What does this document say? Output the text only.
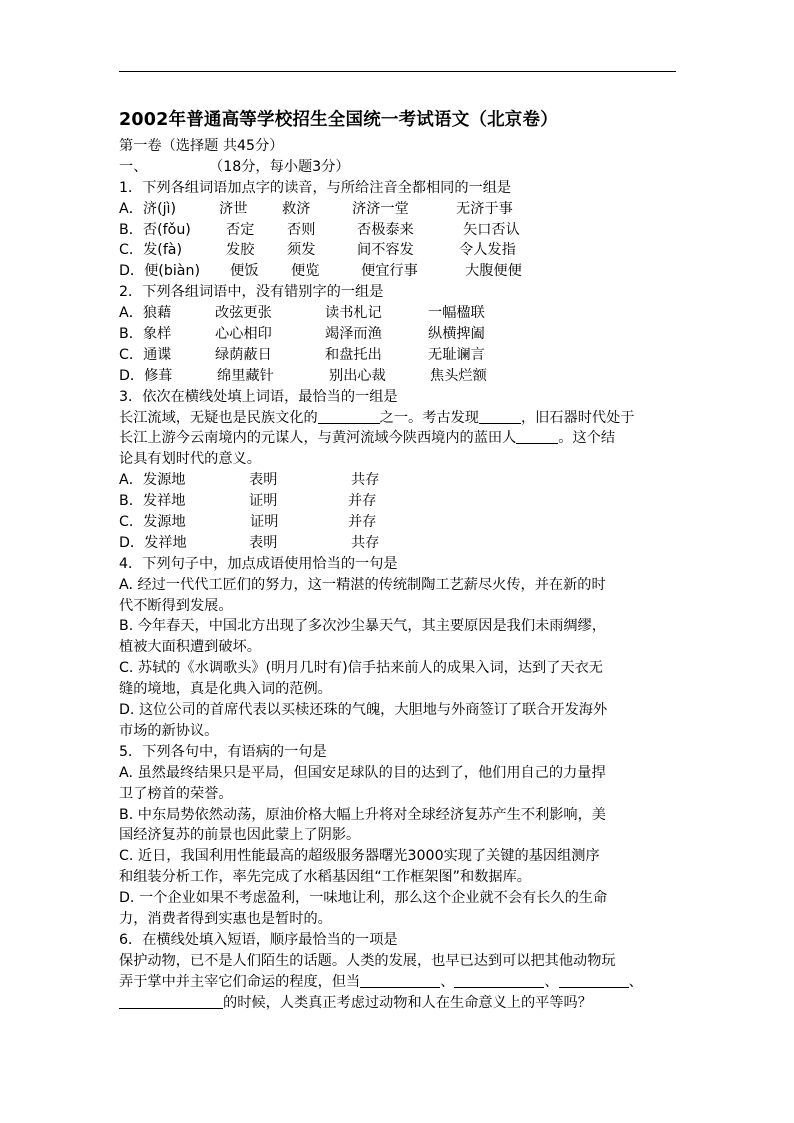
2002年普通高等学校招生全国统一考试语文（北京卷）
第一卷（选择题 共45分）
一、	（18分，每小题3分）
1．下列各组词语加点字的读音，与所给注音全都相同的一组是
A．济(jì)	济世 救济	济济一堂	无济于事
B．否(fǒu) 否定 否则	否极泰来	矢口否认
C．发(fà)	发胶 须发	间不容发	令人发指
D．便(biàn) 便饭 便览	便宜行事	大腹便便
2．下列各组词语中，没有错别字的一组是
A．狼藉	改弦更张	读书札记	一幅楹联
B．象样	心心相印	竭泽而渔	纵横捭阖
C．通谍	绿荫蔽日	和盘托出	无耻谰言
D．修葺	绵里藏针	别出心裁	焦头烂额
3．依次在横线处填上词语，最恰当的一组是
长江流域，无疑也是民族文化的	之一。考古发现	，旧石器时代处于
长江上游今云南境内的元谋人，与黄河流域今陕西境内的蓝田人	。这个结
论具有划时代的意义。
A．发源地	表明	共存
B．发祥地	证明	并存
C．发源地	证明	并存
D．发祥地	表明	共存
4．下列句子中，加点成语使用恰当的一句是
A. 经过一代代工匠们的努力，这一精湛的传统制陶工艺薪尽火传，并在新的时
代不断得到发展。
B. 今年春天，中国北方出现了多次沙尘暴天气，其主要原因是我们未雨绸缪，
植被大面积遭到破坏。
C. 苏轼的《水调歌头》(明月几时有)信手拈来前人的成果入词，达到了天衣无
缝的境地，真是化典入词的范例。
D. 这位公司的首席代表以买椟还珠的气魄，大胆地与外商签订了联合开发海外
市场的新协议。
5．下列各句中，有语病的一句是
A. 虽然最终结果只是平局，但国安足球队的目的达到了，他们用自己的力量捍
卫了榜首的荣誉。
B. 中东局势依然动荡，原油价格大幅上升将对全球经济复苏产生不利影响，美
国经济复苏的前景也因此蒙上了阴影。
C. 近日，我国利用性能最高的超级服务器曙光3000实现了关键的基因组测序
和组装分析工作，率先完成了水稻基因组“工作框架图”和数据库。
D. 一个企业如果不考虑盈利，一味地让利，那么这个企业就不会有长久的生命
力，消费者得到实惠也是暂时的。
6．在横线处填入短语，顺序最恰当的一项是
保护动物，已不是人们陌生的话题。人类的发展，也早已达到可以把其他动物玩
弄于掌中并主宰它们命运的程度，但当	、	、	、
的时候，人类真正考虑过动物和人在生命意义上的平等吗？
